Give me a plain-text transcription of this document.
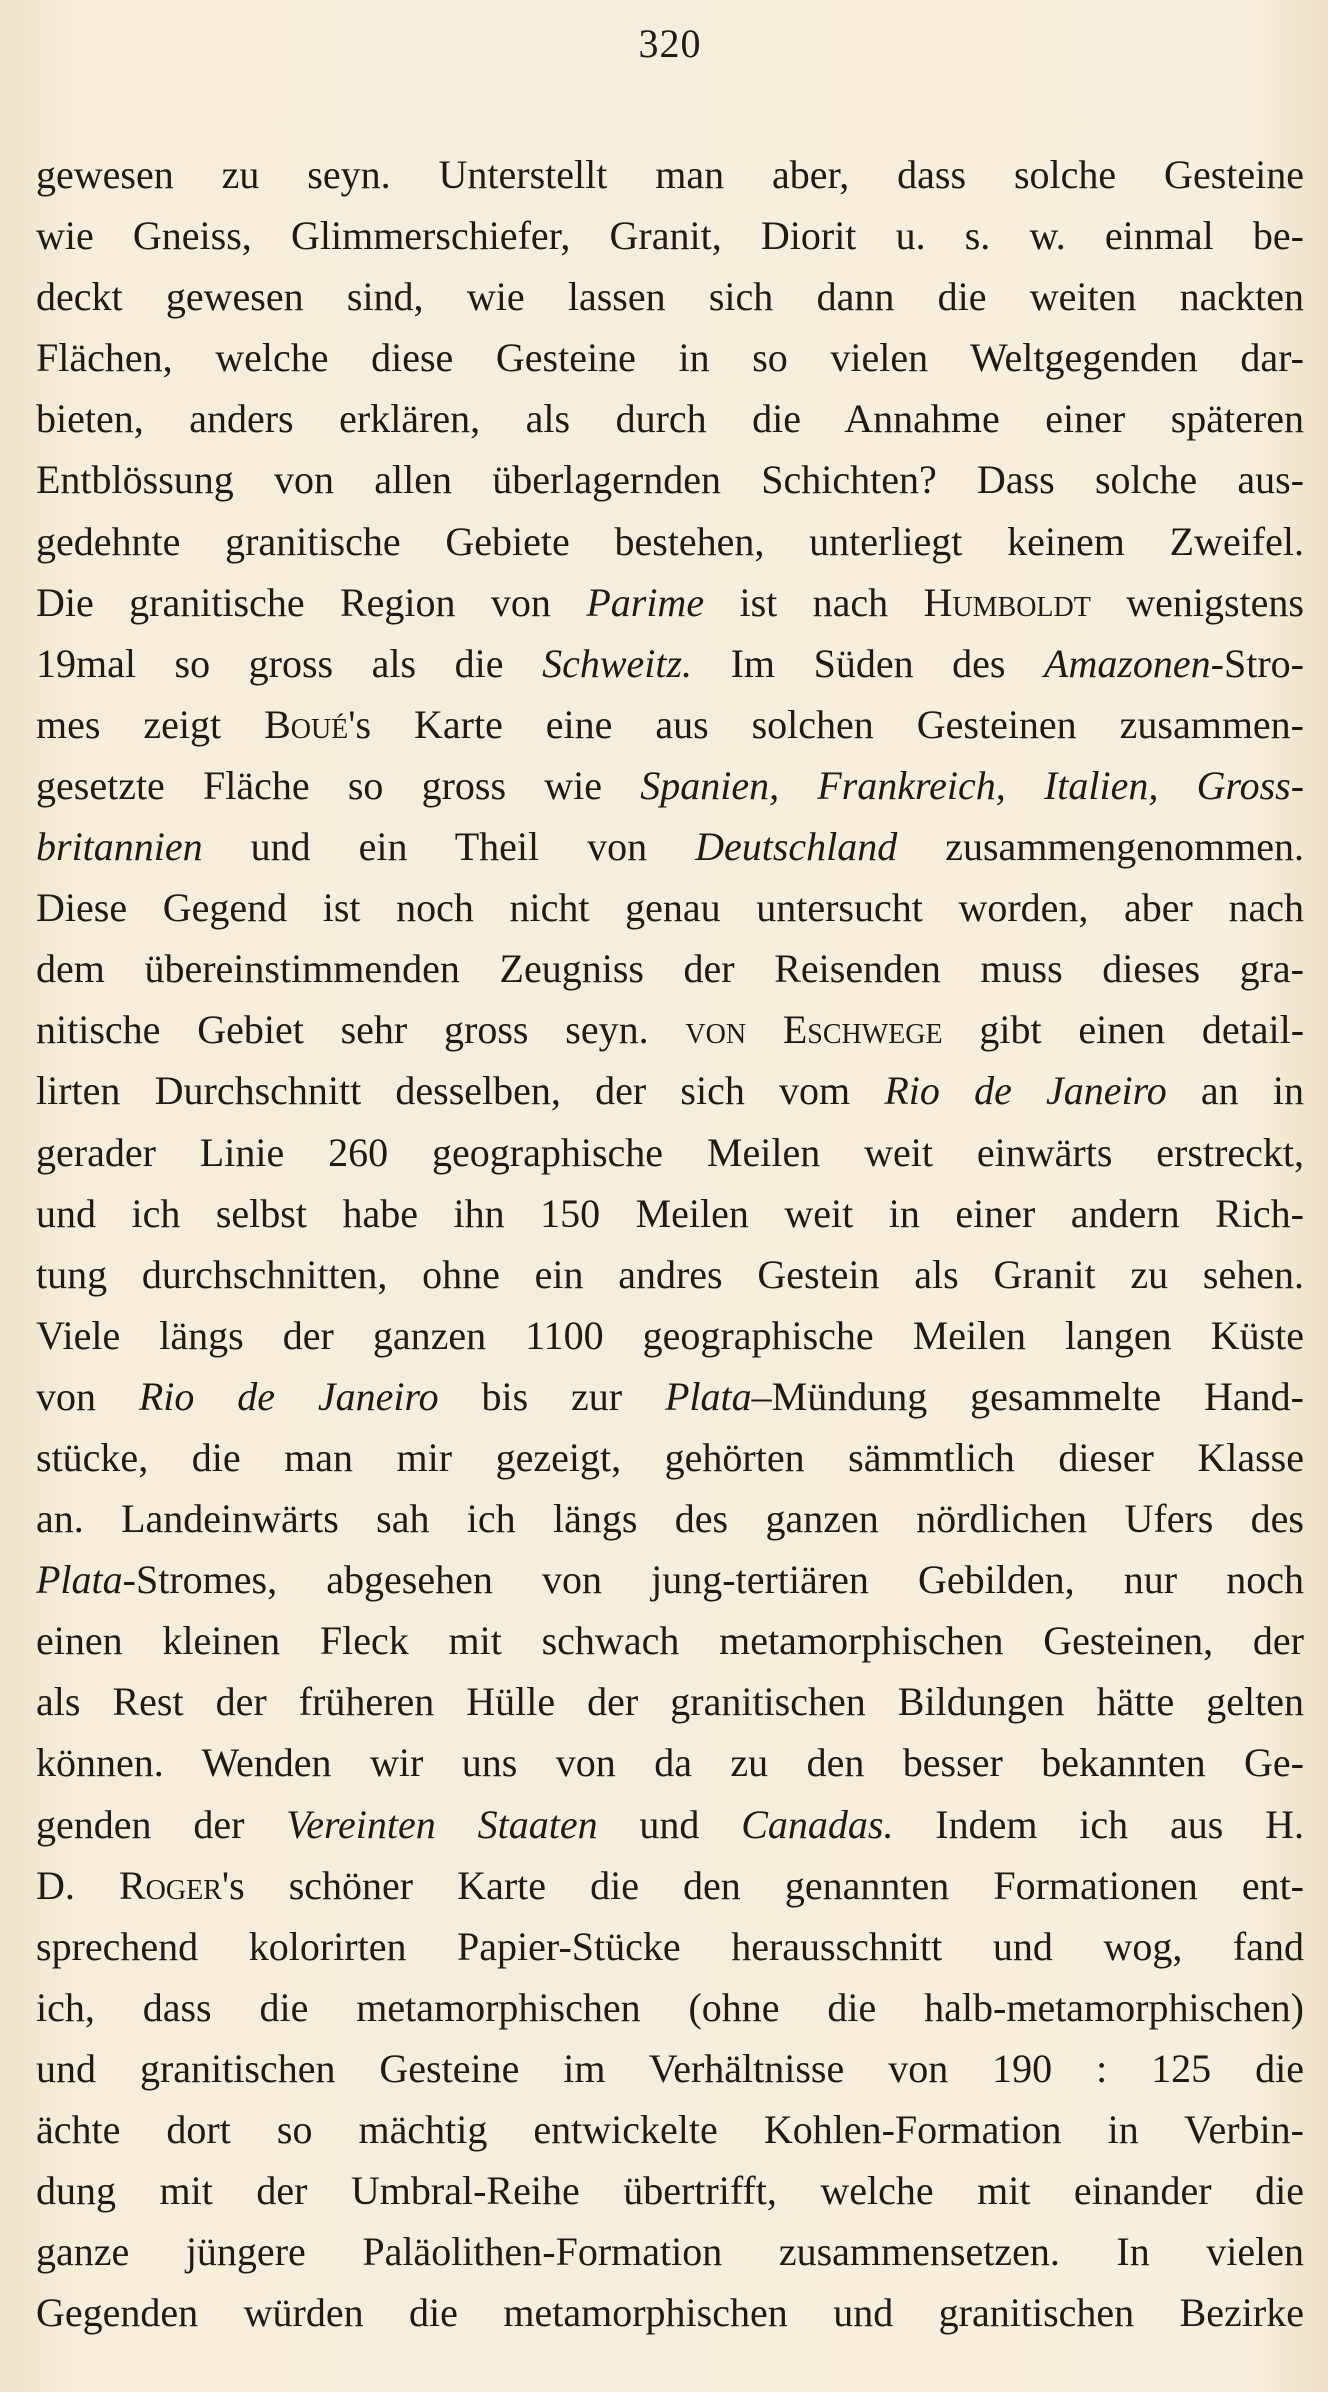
320
gewesen zu seyn. Unterstellt man aber, dass solche Gesteine
wie Gneiss, Glimmerschiefer, Granit, Diorit u. s. w. einmal be-
deckt gewesen sind, wie lassen sich dann die weiten nackten
Flächen, welche diese Gesteine in so vielen Weltgegenden dar-
bieten, anders erklären, als durch die Annahme einer späteren
Entblössung von allen überlagernden Schichten? Dass solche aus-
gedehnte granitische Gebiete bestehen, unterliegt keinem Zweifel.
Die granitische Region von Parime ist nach Humboldt wenigstens
19mal so gross als die Schweitz. Im Süden des Amazonen-Stro-
mes zeigt Boué's Karte eine aus solchen Gesteinen zusammen-
gesetzte Fläche so gross wie Spanien, Frankreich, Italien, Gross-
britannien und ein Theil von Deutschland zusammengenommen.
Diese Gegend ist noch nicht genau untersucht worden, aber nach
dem übereinstimmenden Zeugniss der Reisenden muss dieses gra-
nitische Gebiet sehr gross seyn. von Eschwege gibt einen detail-
lirten Durchschnitt desselben, der sich vom Rio de Janeiro an in
gerader Linie 260 geographische Meilen weit einwärts erstreckt,
und ich selbst habe ihn 150 Meilen weit in einer andern Rich-
tung durchschnitten, ohne ein andres Gestein als Granit zu sehen.
Viele längs der ganzen 1100 geographische Meilen langen Küste
von Rio de Janeiro bis zur Plata–Mündung gesammelte Hand-
stücke, die man mir gezeigt, gehörten sämmtlich dieser Klasse
an. Landeinwärts sah ich längs des ganzen nördlichen Ufers des
Plata-Stromes, abgesehen von jung-tertiären Gebilden, nur noch
einen kleinen Fleck mit schwach metamorphischen Gesteinen, der
als Rest der früheren Hülle der granitischen Bildungen hätte gelten
können. Wenden wir uns von da zu den besser bekannten Ge-
genden der Vereinten Staaten und Canadas. Indem ich aus H.
D. Roger's schöner Karte die den genannten Formationen ent-
sprechend kolorirten Papier-Stücke herausschnitt und wog, fand
ich, dass die metamorphischen (ohne die halb-metamorphischen)
und granitischen Gesteine im Verhältnisse von 190 : 125 die
ächte dort so mächtig entwickelte Kohlen-Formation in Verbin-
dung mit der Umbral-Reihe übertrifft, welche mit einander die
ganze jüngere Paläolithen-Formation zusammensetzen. In vielen
Gegenden würden die metamorphischen und granitischen Bezirke
